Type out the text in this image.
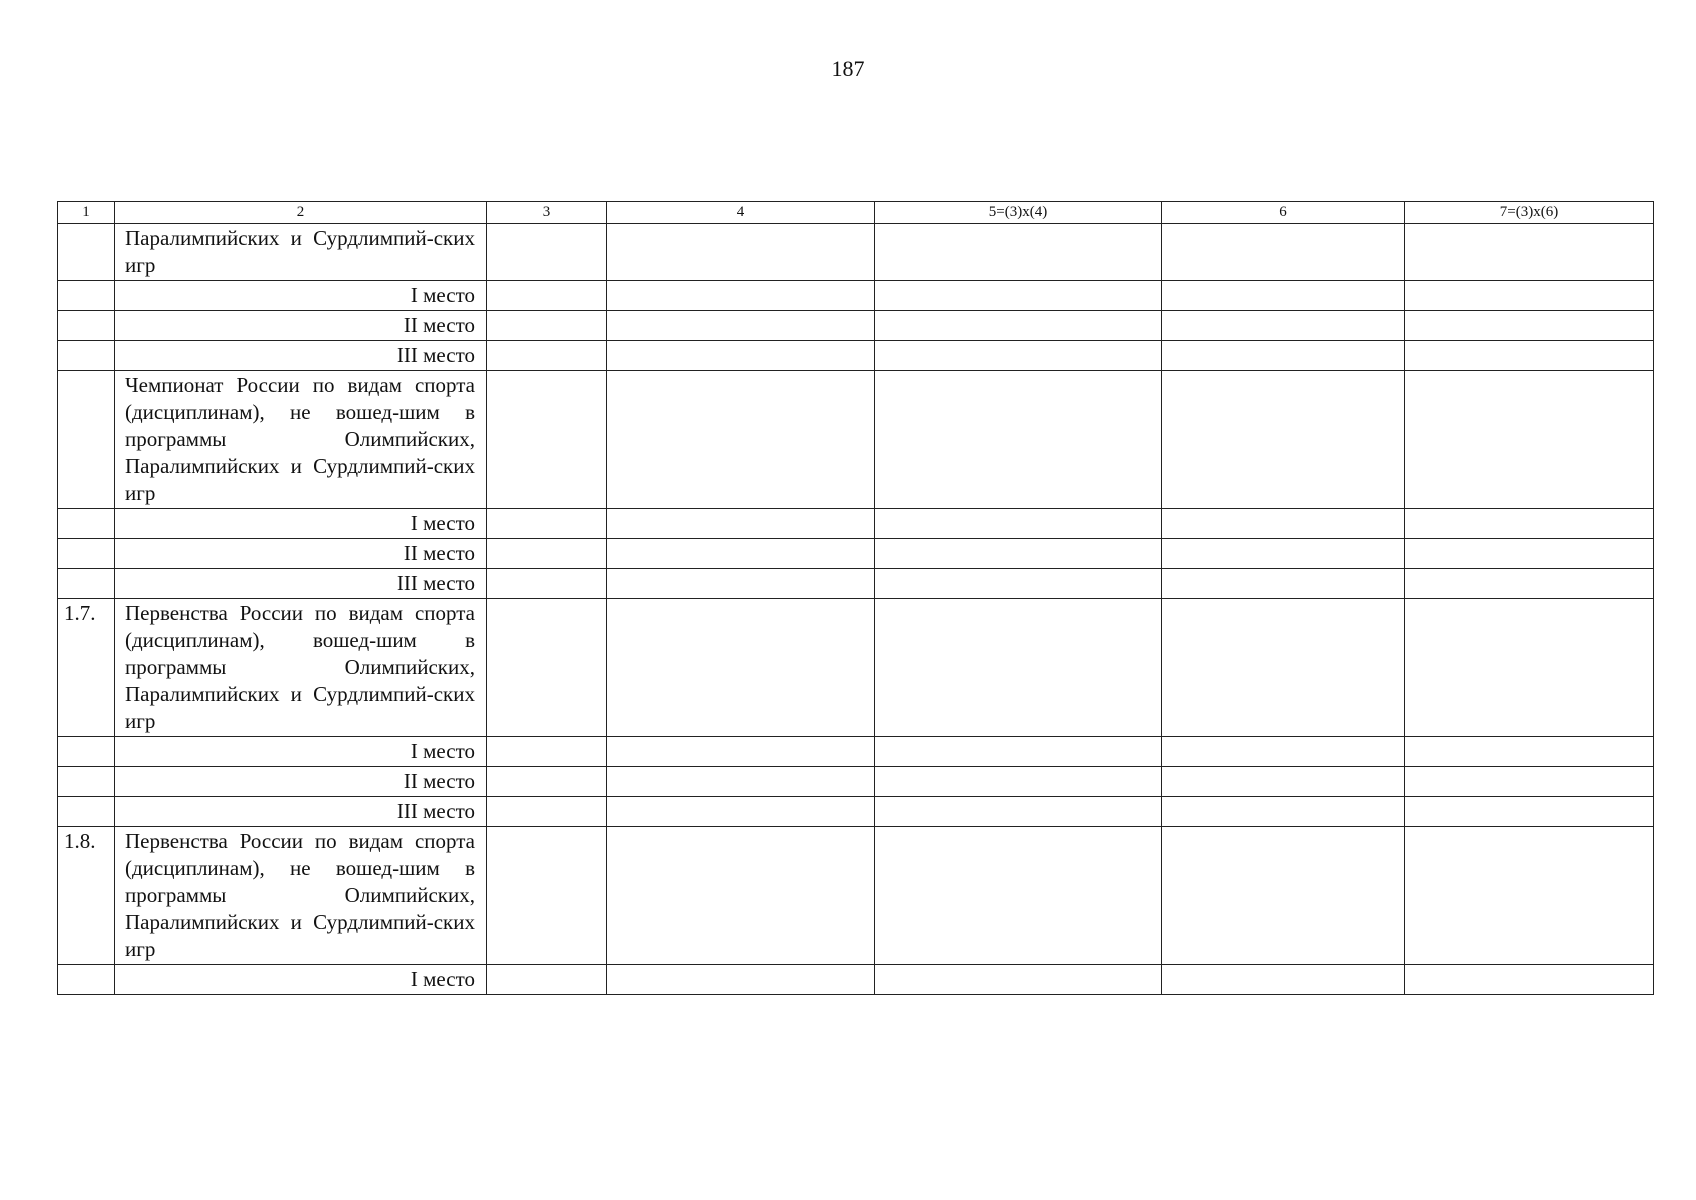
187
1	2	3	4	5=(3)x(4)	6	7=(3)x(6)
	Паралимпийских и Сурдлимпий-ских игр					
	I место					
	II место					
	III место					
	Чемпионат России по видам спорта (дисциплинам), не вошед-шим в программы Олимпийских, Паралимпийских и Сурдлимпий-ских игр					
	I место					
	II место					
	III место					
1.7.	Первенства России по видам спорта (дисциплинам), вошед-шим в программы Олимпийских, Паралимпийских и Сурдлимпий-ских игр					
	I место					
	II место					
	III место					
1.8.	Первенства России по видам спорта (дисциплинам), не вошед-шим в программы Олимпийских, Паралимпийских и Сурдлимпий-ских игр					
	I место					
